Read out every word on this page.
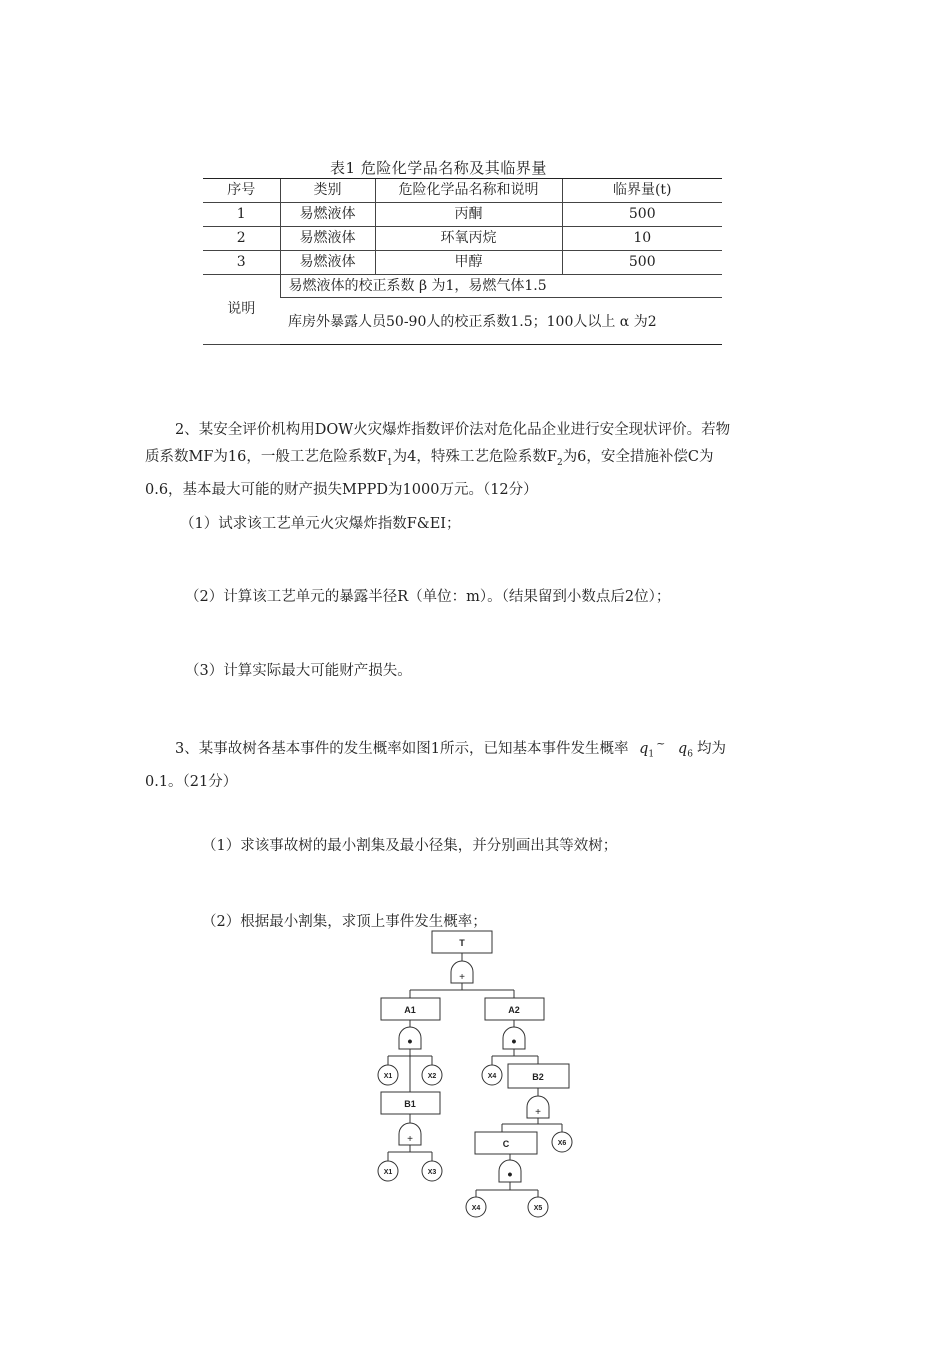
表1 危险化学品名称及其临界量
序号	类别	危险化学品名称和说明	临界量(t)
1	易燃液体	丙酮	500
2	易燃液体	环氧丙烷	10
3	易燃液体	甲醇	500
说明	易燃液体的校正系数 β 为1，易燃气体1.5		
	库房外暴露人员50-90人的校正系数1.5；100人以上 α 为2		

2、某安全评价机构用DOW火灾爆炸指数评价法对危化品企业进行安全现状评价。若物

质系数MF为16，一般工艺危险系数$F_1$为4，特殊工艺危险系数$F_2$为6，安全措施补偿C为

0.6，基本最大可能的财产损失MPPD为1000万元。（12分）

（1）试求该工艺单元火灾爆炸指数F&EI；
（2）计算该工艺单元的暴露半径R（单位：m）。（结果留到小数点后2位）；
（3）计算实际最大可能财产损失。

3、某事故树各基本事件的发生概率如图1所示，已知基本事件发生概率 $q_1^\sim$ $q_6$ 均为

0.1。（21分）

（1）求该事故树的最小割集及最小径集，并分别画出其等效树；
（2）根据最小割集，求顶上事件发生概率；
T
+
A1	A2
•	•
X1	X2	X4	B2
B1
+
+	C	X6
X1	X3	•
X4	X5
